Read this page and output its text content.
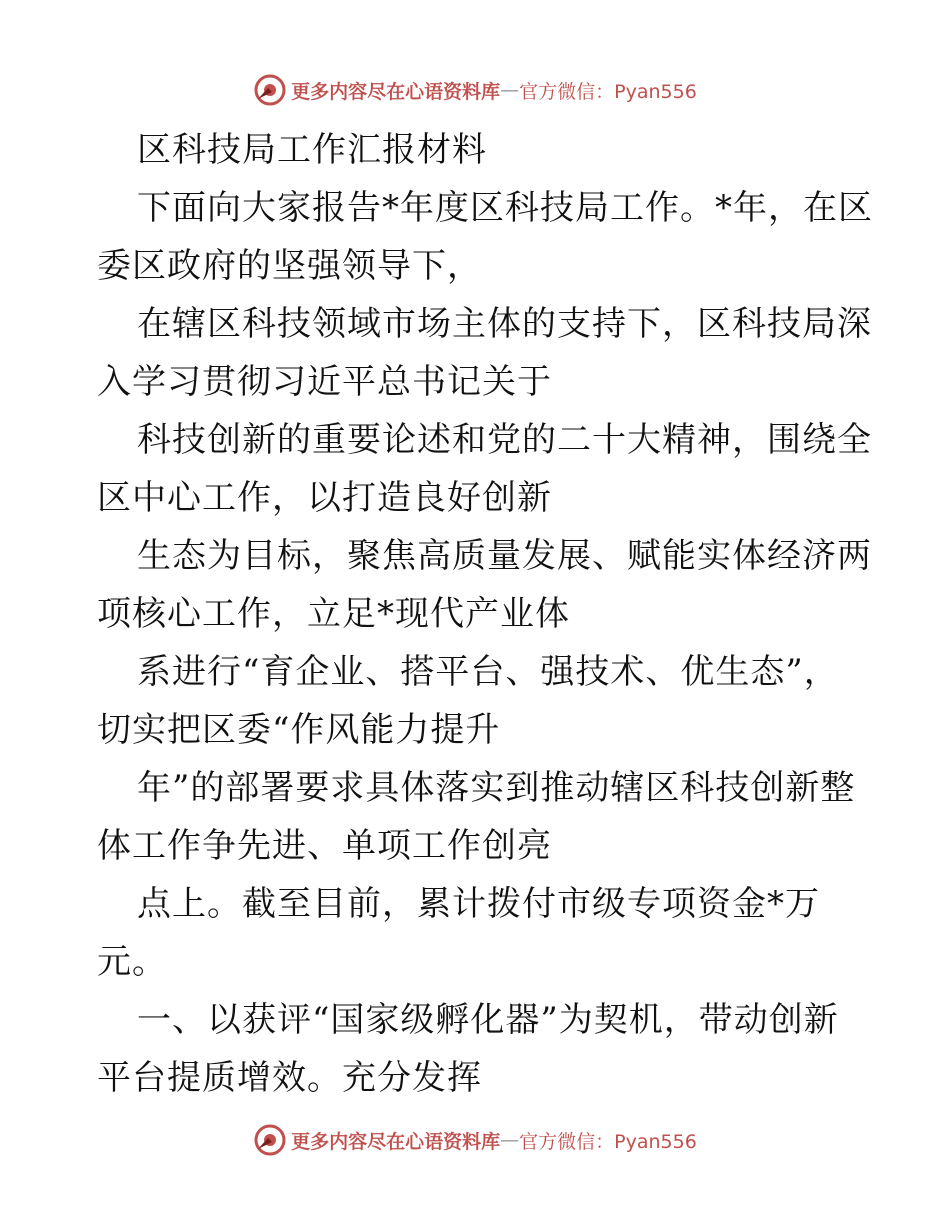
更多内容尽在心语资料库 — 官方微信：Pyan556
区科技局工作汇报材料
下面向大家报告*年度区科技局工作。*年，在区
委区政府的坚强领导下，
在辖区科技领域市场主体的支持下，区科技局深
入学习贯彻习近平总书记关于
科技创新的重要论述和党的二十大精神，围绕全
区中心工作，以打造良好创新
生态为目标，聚焦高质量发展、赋能实体经济两
项核心工作，立足*现代产业体
系进行“育企业、搭平台、强技术、优生态”，
切实把区委“作风能力提升
年”的部署要求具体落实到推动辖区科技创新整
体工作争先进、单项工作创亮
点上。截至目前，累计拨付市级专项资金*万
元。
一、以获评“国家级孵化器”为契机，带动创新
平台提质增效。充分发挥
更多内容尽在心语资料库 — 官方微信：Pyan556
